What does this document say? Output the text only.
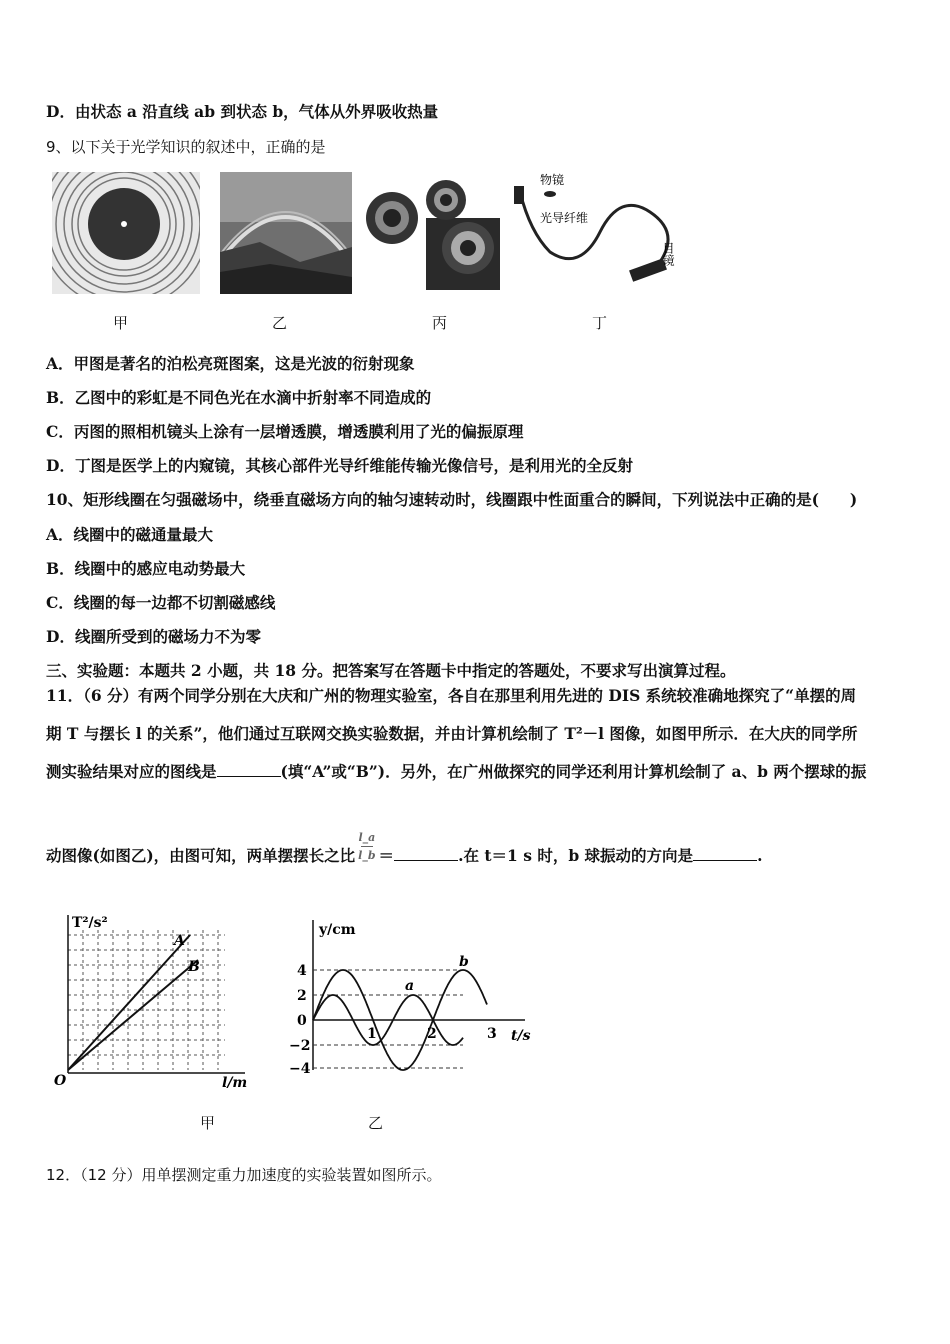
D．由状态 a 沿直线 ab 到状态 b，气体从外界吸收热量
9、以下关于光学知识的叙述中，正确的是
物镜
光导纤维
目镜
甲	乙	丙	丁
A．甲图是著名的泊松亮斑图案，这是光波的衍射现象
B．乙图中的彩虹是不同色光在水滴中折射率不同造成的
C．丙图的照相机镜头上涂有一层增透膜，增透膜利用了光的偏振原理
D．丁图是医学上的内窥镜，其核心部件光导纤维能传输光像信号，是利用光的全反射
10、矩形线圈在匀强磁场中，绕垂直磁场方向的轴匀速转动时，线圈跟中性面重合的瞬间，下列说法中正确的是(　　)
A．线圈中的磁通量最大
B．线圈中的感应电动势最大
C．线圈的每一边都不切割磁感线
D．线圈所受到的磁场力不为零
三、实验题：本题共 2 小题，共 18 分。把答案写在答题卡中指定的答题处，不要求写出演算过程。
11．（6 分）有两个同学分别在大庆和广州的物理实验室，各自在那里利用先进的 DIS 系统较准确地探究了“单摆的周
期 T 与摆长 l 的关系”，他们通过互联网交换实验数据，并由计算机绘制了 T²－l 图像，如图甲所示．在大庆的同学所
测实验结果对应的图线是	(填“A”或“B”)．另外，在广州做探究的同学还利用计算机绘制了 a、b 两个摆球的振
动图像(如图乙)，由图可知，两单摆摆长之比 $\frac{l\_a}{l\_b}$ ＝	.在 t＝1 s 时，b 球振动的方向是	.
T²/s²
l/m
O
A
B
甲
y/cm
t/s
0
4
2
−2
−4
1	2	3
a
b
乙
12．（12 分）用单摆测定重力加速度的实验装置如图所示。
